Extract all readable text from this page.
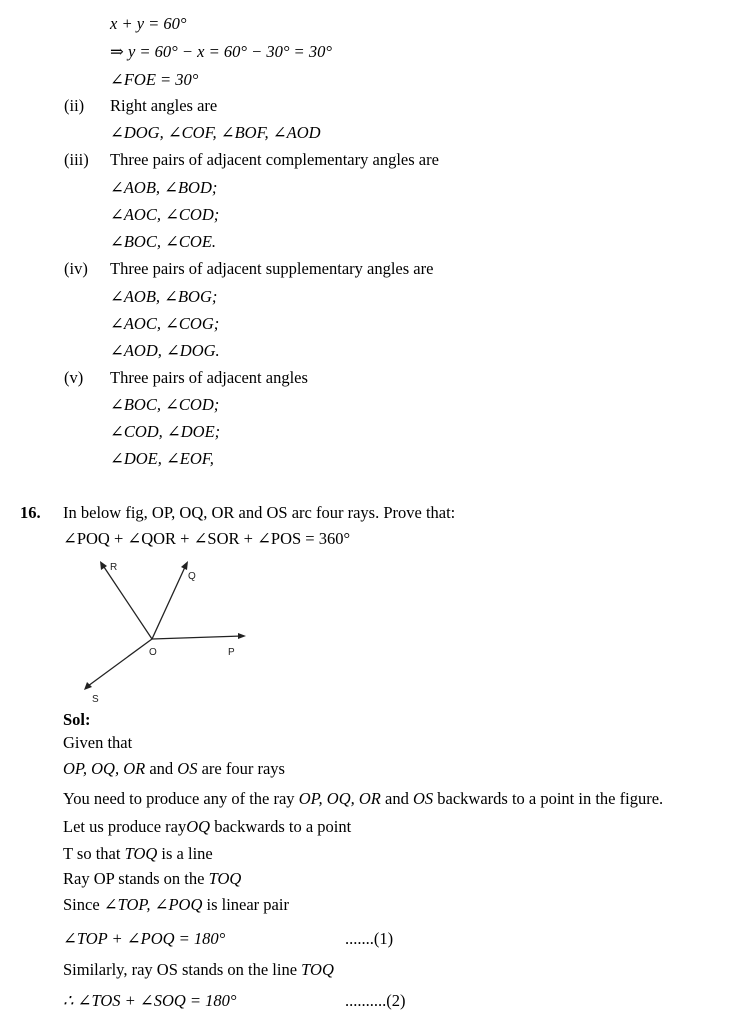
x + y = 60°
⇒ y = 60° − x = 60° − 30° = 30°
∠FOE = 30°
(ii) Right angles are
∠DOG, ∠COF, ∠BOF, ∠AOD
(iii) Three pairs of adjacent complementary angles are
∠AOB, ∠BOD;
∠AOC, ∠COD;
∠BOC, ∠COE.
(iv) Three pairs of adjacent supplementary angles are
∠AOB, ∠BOG;
∠AOC, ∠COG;
∠AOD, ∠DOG.
(v) Three pairs of adjacent angles
∠BOC, ∠COD;
∠COD, ∠DOE;
∠DOE, ∠EOF,
16. In below fig, OP, OQ, OR and OS arc four rays. Prove that:
∠POQ + ∠QOR + ∠SOR + ∠POS = 360°
R
Q
O	P
S
Sol:
Given that
OP, OQ, OR and OS are four rays
You need to produce any of the ray OP, OQ, OR and OS backwards to a point in the figure.
Let us produce rayOQ backwards to a point
T so that TOQ is a line
Ray OP stands on the TOQ
Since ∠TOP, ∠POQ is linear pair
∠TOP + ∠POQ = 180°	.......(1)
Similarly, ray OS stands on the line TOQ
∴ ∠TOS + ∠SOQ = 180°	..........(2)
